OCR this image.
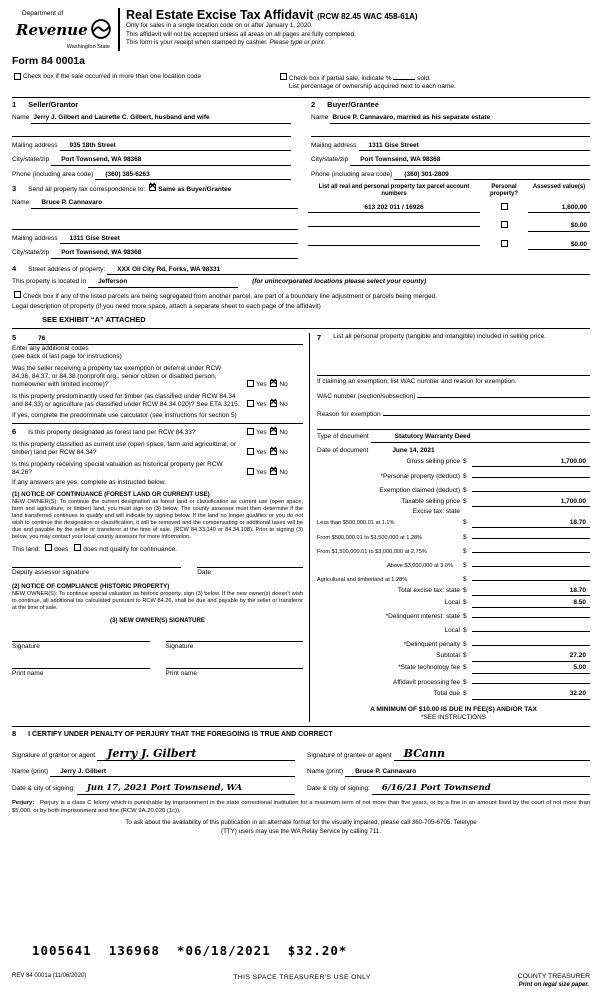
Department of
Revenue
Washington State
Real Estate Excise Tax Affidavit (RCW 82.45 WAC 458-61A)
Only for sales in a single location code on or after January 1, 2020.
This affidavit will not be accepted unless all areas on all pages are fully completed.
This form is your receipt when stamped by cashier. Please type or print.
Form 84 0001a
Check box if the sale occurred in more than one location code	Check box if partial sale, indicate %

	sold.
List percentage of ownership acquired next to each name.
1 Seller/Grantor
Name Jerry J. Gilbert and Laurette C. Gilbert, husband and wife
Mailing address	935 18th Street
City/state/zip	Port Townsend, WA 98368
Phone (including area code)	(360) 385-6263
2 Buyer/Grantee
Name Bruce P. Cannavaro, married as his separate estate
Mailing address	1311 Gise Street
City/state/zip	Port Townsend, WA 98368
Phone (including area code)	(360) 301-2809
3 Send all property tax correspondence to: × Same as Buyer/Grantee
Name	Bruce P. Cannavaro
Mailing address	1311 Gise Street
City/state/zip	Port Townsend, WA 98368
List all real and personal property tax parcel account numbers
Personal property?
Assessed value(s)
613 202 011 / 16926	1,600.00
$0.00
$0.00
4 Street address of property:	XXX Oil City Rd, Forks, WA 98331
This property is located in	Jefferson	(for unincorporated locations please select your county)
Check box if any of the listed parcels are being segregated from another parcel, are part of a boundary line adjustment or parcels being merged.
Legal description of property (if you need more space, attach a separate sheet to each page of the affidavit)
SEE EXHIBIT “A” ATTACHED
5	76
Enter any additional codes
(see back of last page for instructions)
Was the seller receiving a property tax exemption or deferral under RCW 84.36, 84.37, or 84.38 (nonprofit org., senior citizen or disabled person, homeowner with limited income)?	Yes × No
Is this property predominantly used for timber (as classified under RCW 84.34 and 84.33) or agriculture (as classified under RCW 84.34.020)? See ETA 3215.	Yes × No
If yes, complete the predominate use calculator (see instructions for section 5)
6 Is this property designated as forest land per RCW 84.33?	Yes × No
Is this property classified as current use (open space, farm and agricultural, or timber) land per RCW 84.34?	Yes × No
Is this property receiving special valuation as historical property per RCW 84.26?	Yes × No
If any answers are yes, complete as instructed below.
(1) NOTICE OF CONTINUANCE (FOREST LAND OR CURRENT USE)
NEW OWNER(S): To continue the current designation as forest land or classification as current use (open space, farm and agriculture, or timber) land, you must sign on (3) below. The county assessor must then determine if the land transferred continues to qualify and will indicate by signing below. If the land no longer qualifies or you do not wish to continue the designation or classification, it will be removed and the compensating or additional taxes will be due and payable by the seller or transferor at the time of sale. (RCW 84.33.140 or 84.34.108). Prior to signing (3) below, you may contact your local county assessor for more information.
This land: does does not qualify for continuance.
Deputy assessor signature	Date
(2) NOTICE OF COMPLIANCE (HISTORIC PROPERTY)
NEW OWNER(S): To continue special valuation as historic property, sign (3) below. If the new owner(s) doesn't wish to continue, all additional tax calculated pursuant to RCW 84.26, shall be due and payable by the seller or transferor at the time of sale.
(3) NEW OWNER(S) SIGNATURE
Signature	Signature
Print name	Print name
7 List all personal property (tangible and intangible) included in selling price.
If claiming an exemption, list WAC number and reason for exemption.
WAC number (section/subsection)
Reason for exemption
Type of document	Statutory Warranty Deed
Date of document	June 14, 2021
Gross selling price $	1,700.00
*Personal property (deduct) $
Exemption claimed (deduct) $
Taxable selling price $	1,700.00
Excise tax: state
Less than $500,000.01 at 1.1%	$	18.70
From $500,000.01 to $1,500,000 at 1.28%	$
From $1,500,000.01 to $3,000,000 at 2.75%	$
Above $3,000,000 at 3.0%	$
Agricultural and timberland at 1.28%	$
Total excise tax: state $	18.70
Local $	8.50
*Delinquent interest: state $
Local $
*Delinquent penalty $
Subtotal $	27.20
*State technology fee $	5.00
Affidavit processing fee $
Total due $	32.20
A MINIMUM OF $10.00 IS DUE IN FEE(S) AND/OR TAX
*SEE INSTRUCTIONS
8 I CERTIFY UNDER PENALTY OF PERJURY THAT THE FOREGOING IS TRUE AND CORRECT
Signature of grantor or agent	Jerry J. Gilbert	Signature of grantee or agent	BCann
Name (print)	Jerry J. Gilbert	Name (print)	Bruce P. Cannavaro
Date & city of signing:	Jun 17, 2021 Port Townsend, WA	Date & city of signing:	6/16/21 Port Townsend
Perjury: Perjury is a class C felony which is punishable by imprisonment in the state correctional institution for a maximum term of not more than five years, or by a fine in an amount fixed by the court of not more than $5,000, or by both imprisonment and fine (RCW 9A.20.020 (1c)).
To ask about the availability of this publication in an alternate format for the visually impaired, please call 360-705-6705. Teletype
(TTY) users may use the WA Relay Service by calling 711.
1005641  136968  *06/18/2021  $32.20*
REV 84 0001a (11/06/2020)	THIS SPACE TREASURER'S USE ONLY	COUNTY TREASURER
Print on legal size paper.
